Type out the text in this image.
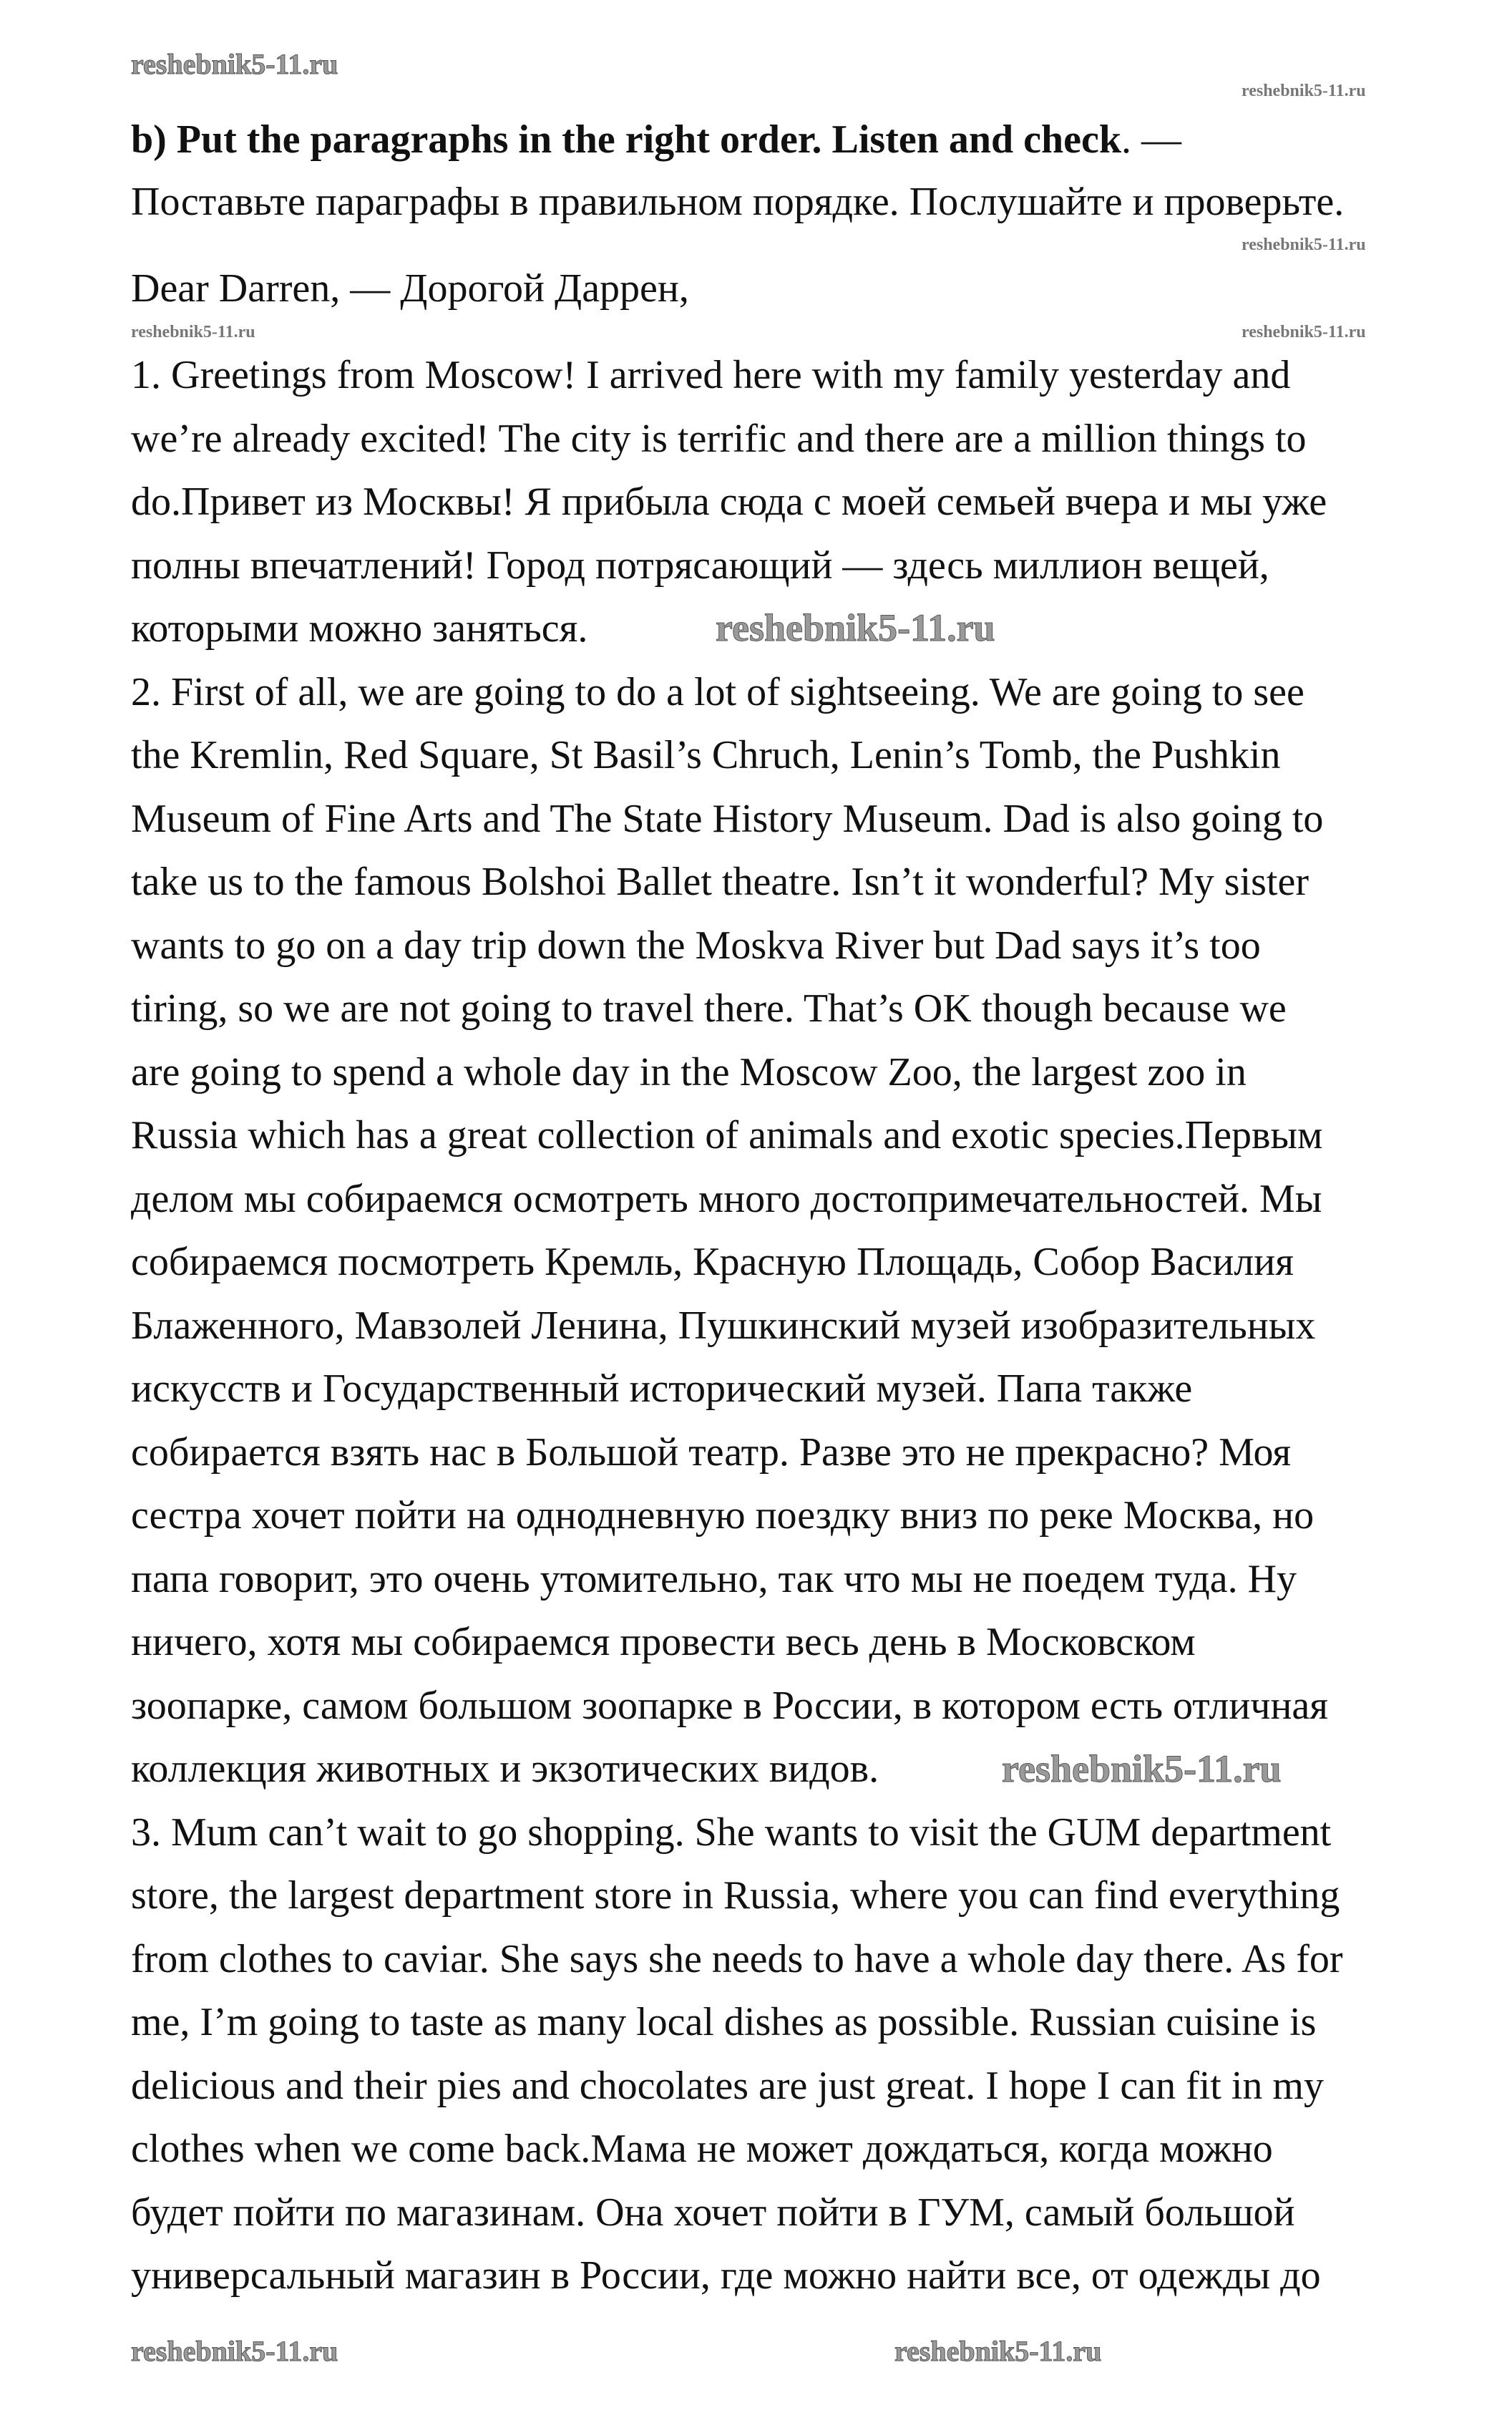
b) Put the paragraphs in the right order. Listen and check. —
Поставьте параграфы в правильном порядке. Послушайте и проверьте.
Dear Darren, — Дорогой Даррен,
1. Greetings from Moscow! I arrived here with my family yesterday and
we’re already excited! The city is terrific and there are a million things to
do.Привет из Москвы! Я прибыла сюда с моей семьей вчера и мы уже
полны впечатлений! Город потрясающий — здесь миллион вещей,
которыми можно заняться.
2. First of all, we are going to do a lot of sightseeing. We are going to see
the Kremlin, Red Square, St Basil’s Chruch, Lenin’s Tomb, the Pushkin
Museum of Fine Arts and The State History Museum. Dad is also going to
take us to the famous Bolshoi Ballet theatre. Isn’t it wonderful? My sister
wants to go on a day trip down the Moskva River but Dad says it’s too
tiring, so we are not going to travel there. That’s OK though because we
are going to spend a whole day in the Moscow Zoo, the largest zoo in
Russia which has a great collection of animals and exotic species.Первым
делом мы собираемся осмотреть много достопримечательностей. Мы
собираемся посмотреть Кремль, Красную Площадь, Собор Василия
Блаженного, Мавзолей Ленина, Пушкинский музей изобразительных
искусств и Государственный исторический музей. Папа также
собирается взять нас в Большой театр. Разве это не прекрасно? Моя
сестра хочет пойти на однодневную поездку вниз по реке Москва, но
папа говорит, это очень утомительно, так что мы не поедем туда. Ну
ничего, хотя мы собираемся провести весь день в Московском
зоопарке, самом большом зоопарке в России, в котором есть отличная
коллекция животных и экзотических видов.
3. Mum can’t wait to go shopping. She wants to visit the GUM department
store, the largest department store in Russia, where you can find everything
from clothes to caviar. She says she needs to have a whole day there. As for
me, I’m going to taste as many local dishes as possible. Russian cuisine is
delicious and their pies and chocolates are just great. I hope I can fit in my
clothes when we come back.Мама не может дождаться, когда можно
будет пойти по магазинам. Она хочет пойти в ГУМ, самый большой
универсальный магазин в России, где можно найти все, от одежды до
reshebnik5-11.ru
reshebnik5-11.ru
reshebnik5-11.ru
reshebnik5-11.ru	reshebnik5-11.ru
reshebnik5-11.ru
reshebnik5-11.ru
reshebnik5-11.ru	reshebnik5-11.ru
